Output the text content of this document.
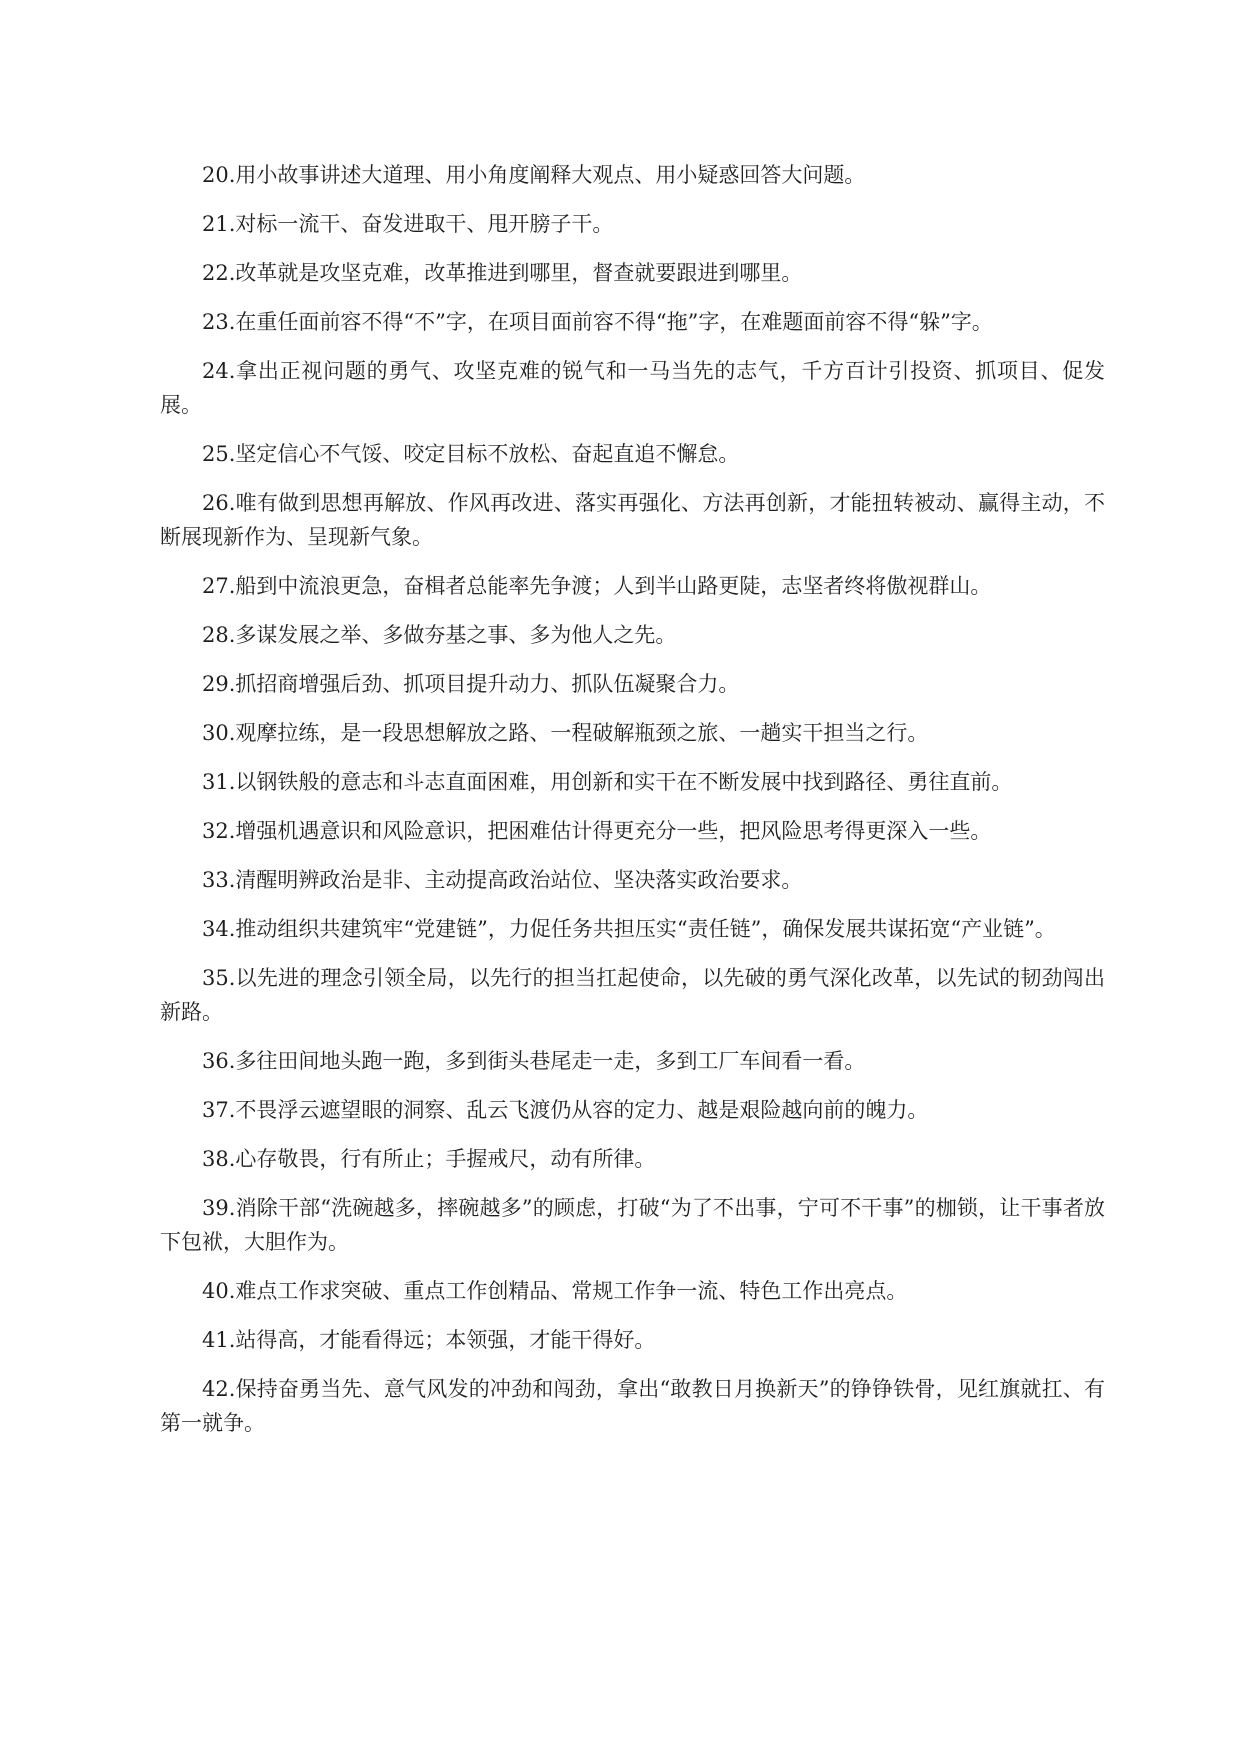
20.用小故事讲述大道理、用小角度阐释大观点、用小疑惑回答大问题。

21.对标一流干、奋发进取干、甩开膀子干。

22.改革就是攻坚克难，改革推进到哪里，督查就要跟进到哪里。

23.在重任面前容不得“不”字，在项目面前容不得“拖”字，在难题面前容不得“躲”字。

24.拿出正视问题的勇气、攻坚克难的锐气和一马当先的志气，千方百计引投资、抓项目、促发展。

25.坚定信心不气馁、咬定目标不放松、奋起直追不懈怠。

26.唯有做到思想再解放、作风再改进、落实再强化、方法再创新，才能扭转被动、赢得主动，不断展现新作为、呈现新气象。

27.船到中流浪更急，奋楫者总能率先争渡；人到半山路更陡，志坚者终将傲视群山。

28.多谋发展之举、多做夯基之事、多为他人之先。

29.抓招商增强后劲、抓项目提升动力、抓队伍凝聚合力。

30.观摩拉练，是一段思想解放之路、一程破解瓶颈之旅、一趟实干担当之行。

31.以钢铁般的意志和斗志直面困难，用创新和实干在不断发展中找到路径、勇往直前。

32.增强机遇意识和风险意识，把困难估计得更充分一些，把风险思考得更深入一些。

33.清醒明辨政治是非、主动提高政治站位、坚决落实政治要求。

34.推动组织共建筑牢“党建链”，力促任务共担压实“责任链”，确保发展共谋拓宽“产业链”。

35.以先进的理念引领全局，以先行的担当扛起使命，以先破的勇气深化改革，以先试的韧劲闯出新路。

36.多往田间地头跑一跑，多到街头巷尾走一走，多到工厂车间看一看。

37.不畏浮云遮望眼的洞察、乱云飞渡仍从容的定力、越是艰险越向前的魄力。

38.心存敬畏，行有所止；手握戒尺，动有所律。

39.消除干部“洗碗越多，摔碗越多”的顾虑，打破“为了不出事，宁可不干事”的枷锁，让干事者放下包袱，大胆作为。

40.难点工作求突破、重点工作创精品、常规工作争一流、特色工作出亮点。

41.站得高，才能看得远；本领强，才能干得好。

42.保持奋勇当先、意气风发的冲劲和闯劲，拿出“敢教日月换新天”的铮铮铁骨，见红旗就扛、有第一就争。
